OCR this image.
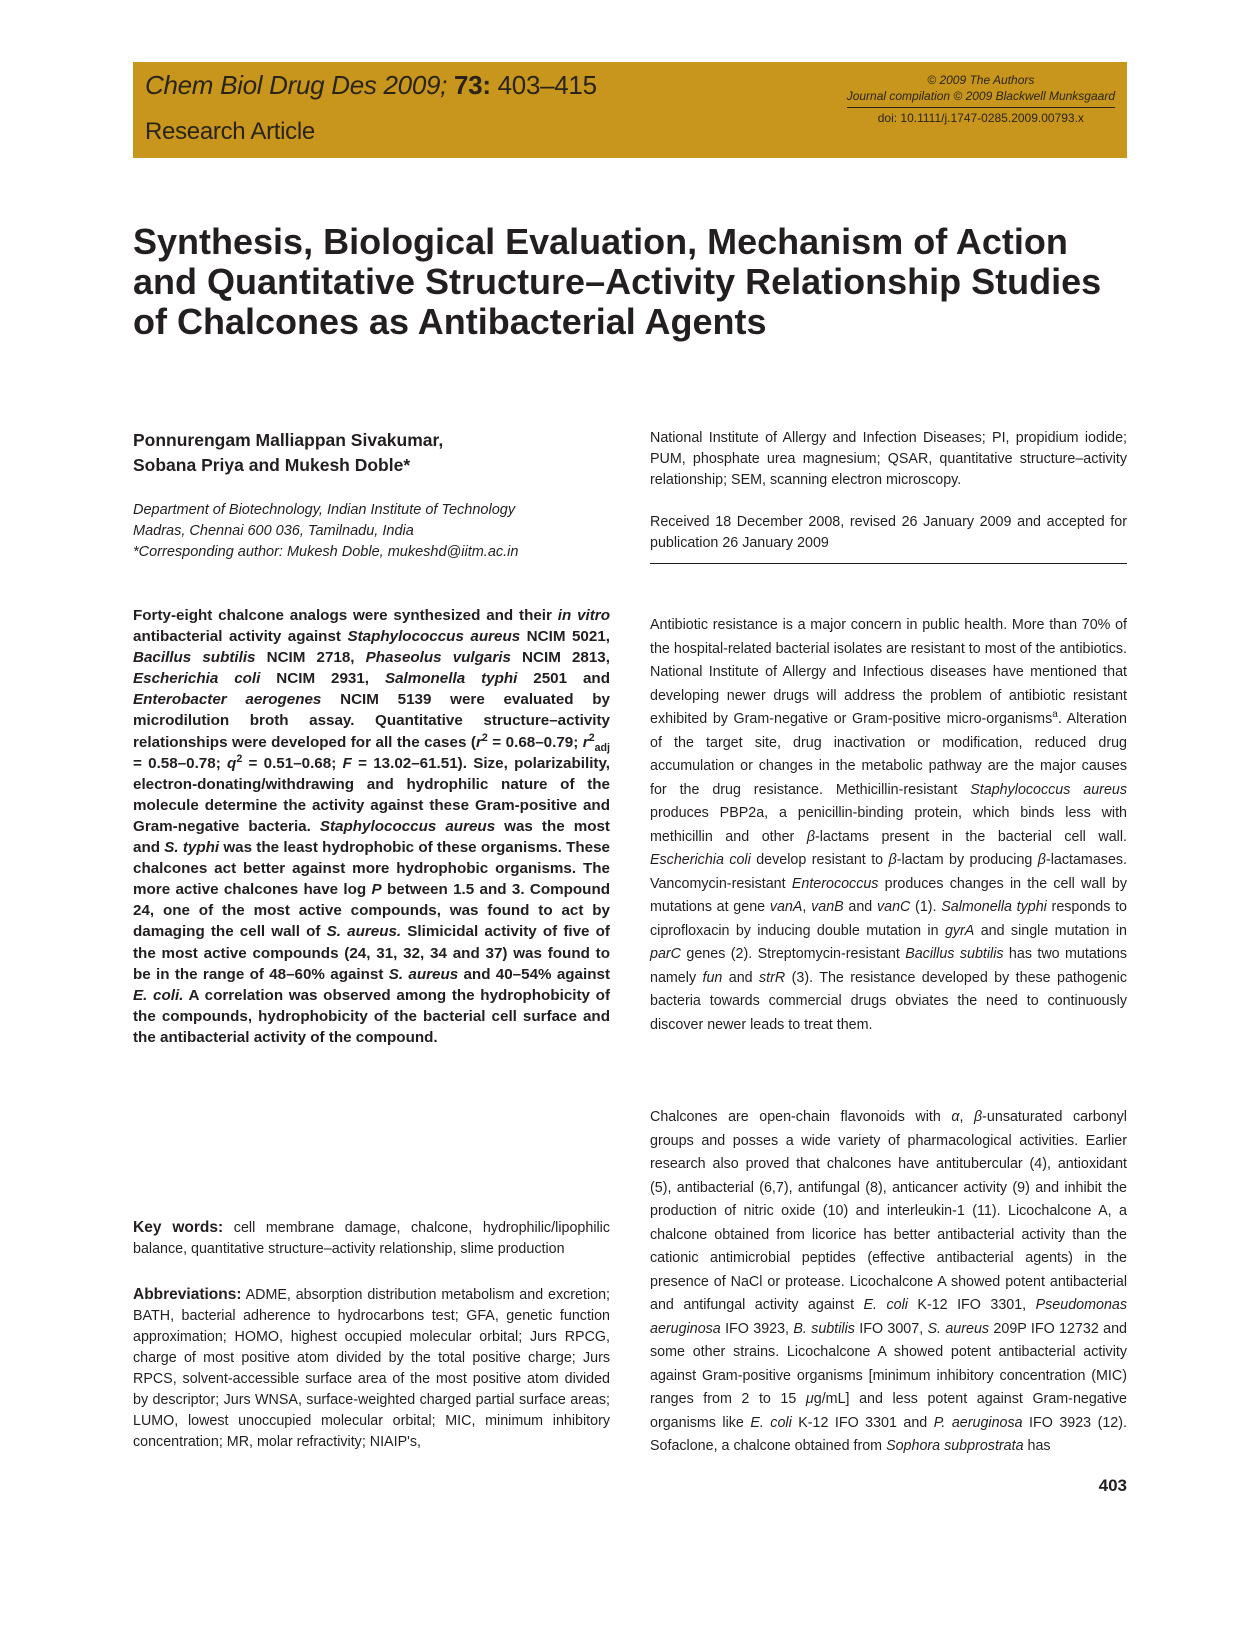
Chem Biol Drug Des 2009; 73: 403–415
Research Article
© 2009 The Authors
Journal compilation © 2009 Blackwell Munksgaard
doi: 10.1111/j.1747-0285.2009.00793.x
Synthesis, Biological Evaluation, Mechanism of Action and Quantitative Structure–Activity Relationship Studies of Chalcones as Antibacterial Agents
Ponnurengam Malliappan Sivakumar,
Sobana Priya and Mukesh Doble*
Department of Biotechnology, Indian Institute of Technology
Madras, Chennai 600 036, Tamilnadu, India
*Corresponding author: Mukesh Doble, mukeshd@iitm.ac.in

National Institute of Allergy and Infection Diseases; PI, propidium iodide; PUM, phosphate urea magnesium; QSAR, quantitative structure–activity relationship; SEM, scanning electron microscopy.

Received 18 December 2008, revised 26 January 2009 and accepted for publication 26 January 2009

Forty-eight chalcone analogs were synthesized and their in vitro antibacterial activity against Staphylococcus aureus NCIM 5021, Bacillus subtilis NCIM 2718, Phaseolus vulgaris NCIM 2813, Escherichia coli NCIM 2931, Salmonella typhi 2501 and Enterobacter aerogenes NCIM 5139 were evaluated by microdilution broth assay. Quantitative structure–activity relationships were developed for all the cases ($r^2 = 0.68-0.79$; $r^2_{adj} = 0.58-0.78$; $q^2 = 0.51-0.68$; F = 13.02–61.51). Size, polarizability, electron-donating/withdrawing and hydrophilic nature of the molecule determine the activity against these Gram-positive and Gram-negative bacteria. Staphylococcus aureus was the most and S. typhi was the least hydrophobic of these organisms. These chalcones act better against more hydrophobic organisms. The more active chalcones have log P between 1.5 and 3. Compound 24, one of the most active compounds, was found to act by damaging the cell wall of S. aureus. Slimicidal activity of five of the most active compounds (24, 31, 32, 34 and 37) was found to be in the range of 48–60% against S. aureus and 40–54% against E. coli. A correlation was observed among the hydrophobicity of the compounds, hydrophobicity of the bacterial cell surface and the antibacterial activity of the compound.

Key words: cell membrane damage, chalcone, hydrophilic/lipophilic balance, quantitative structure–activity relationship, slime production

Abbreviations: ADME, absorption distribution metabolism and excretion; BATH, bacterial adherence to hydrocarbons test; GFA, genetic function approximation; HOMO, highest occupied molecular orbital; Jurs RPCG, charge of most positive atom divided by the total positive charge; Jurs RPCS, solvent-accessible surface area of the most positive atom divided by descriptor; Jurs WNSA, surface-weighted charged partial surface areas; LUMO, lowest unoccupied molecular orbital; MIC, minimum inhibitory concentration; MR, molar refractivity; NIAIP's,

Antibiotic resistance is a major concern in public health. More than 70% of the hospital-related bacterial isolates are resistant to most of the antibiotics. National Institute of Allergy and Infectious diseases have mentioned that developing newer drugs will address the problem of antibiotic resistant exhibited by Gram-negative or Gram-positive micro-organisms$^a$. Alteration of the target site, drug inactivation or modification, reduced drug accumulation or changes in the metabolic pathway are the major causes for the drug resistance. Methicillin-resistant Staphylococcus aureus produces PBP2a, a penicillin-binding protein, which binds less with methicillin and other β-lactams present in the bacterial cell wall. Escherichia coli develop resistant to β-lactam by producing β-lactamases. Vancomycin-resistant Enterococcus produces changes in the cell wall by mutations at gene vanA, vanB and vanC (1). Salmonella typhi responds to ciprofloxacin by inducing double mutation in gyrA and single mutation in parC genes (2). Streptomycin-resistant Bacillus subtilis has two mutations namely fun and strR (3). The resistance developed by these pathogenic bacteria towards commercial drugs obviates the need to continuously discover newer leads to treat them.

Chalcones are open-chain flavonoids with α, β-unsaturated carbonyl groups and posses a wide variety of pharmacological activities. Earlier research also proved that chalcones have antitubercular (4), antioxidant (5), antibacterial (6,7), antifungal (8), anticancer activity (9) and inhibit the production of nitric oxide (10) and interleukin-1 (11). Licochalcone A, a chalcone obtained from licorice has better antibacterial activity than the cationic antimicrobial peptides (effective antibacterial agents) in the presence of NaCl or protease. Licochalcone A showed potent antibacterial and antifungal activity against E. coli K-12 IFO 3301, Pseudomonas aeruginosa IFO 3923, B. subtilis IFO 3007, S. aureus 209P IFO 12732 and some other strains. Licochalcone A showed potent antibacterial activity against Gram-positive organisms [minimum inhibitory concentration (MIC) ranges from 2 to 15 μg/mL] and less potent against Gram-negative organisms like E. coli K-12 IFO 3301 and P. aeruginosa IFO 3923 (12). Sofaclone, a chalcone obtained from Sophora subprostrata has

403
